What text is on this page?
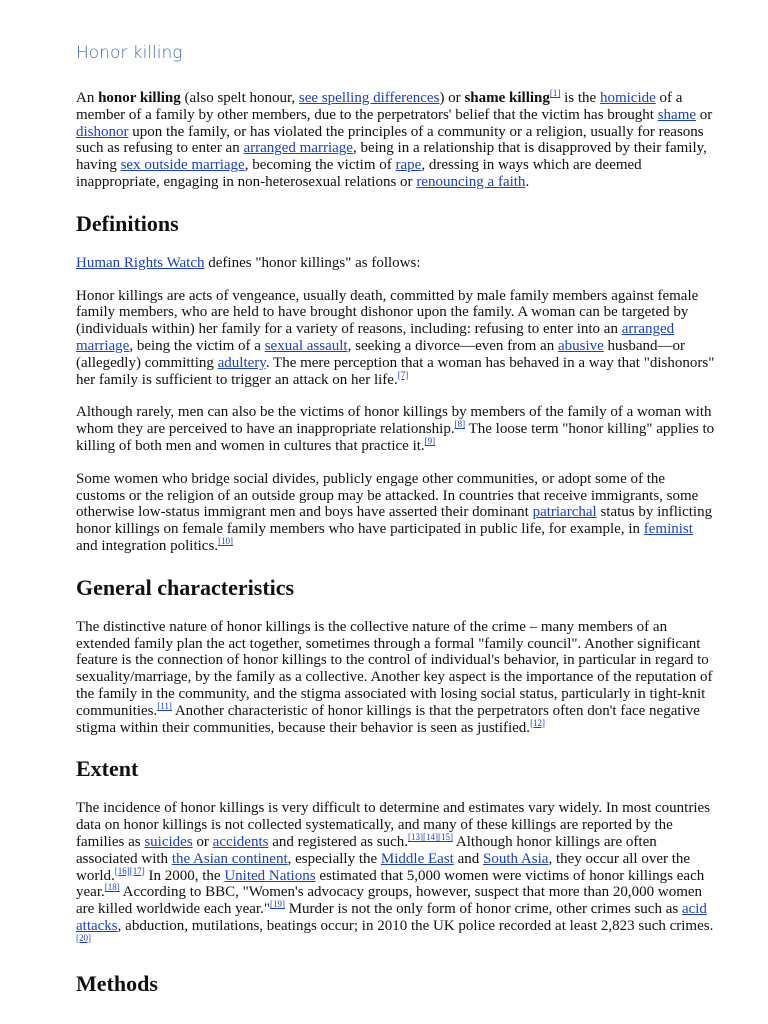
Honor killing

An honor killing (also spelt honour, see spelling differences) or shame killing[1] is the homicide of a member of a family by other members, due to the perpetrators' belief that the victim has brought shame or dishonor upon the family, or has violated the principles of a community or a religion, usually for reasons such as refusing to enter an arranged marriage, being in a relationship that is disapproved by their family, having sex outside marriage, becoming the victim of rape, dressing in ways which are deemed inappropriate, engaging in non-heterosexual relations or renouncing a faith.

Definitions

Human Rights Watch defines "honor killings" as follows:

Honor killings are acts of vengeance, usually death, committed by male family members against female family members, who are held to have brought dishonor upon the family. A woman can be targeted by (individuals within) her family for a variety of reasons, including: refusing to enter into an arranged marriage, being the victim of a sexual assault, seeking a divorce—even from an abusive husband—or (allegedly) committing adultery. The mere perception that a woman has behaved in a way that "dishonors" her family is sufficient to trigger an attack on her life.[7]

Although rarely, men can also be the victims of honor killings by members of the family of a woman with whom they are perceived to have an inappropriate relationship.[8] The loose term "honor killing" applies to killing of both men and women in cultures that practice it.[9]

Some women who bridge social divides, publicly engage other communities, or adopt some of the customs or the religion of an outside group may be attacked. In countries that receive immigrants, some otherwise low-status immigrant men and boys have asserted their dominant patriarchal status by inflicting honor killings on female family members who have participated in public life, for example, in feminist and integration politics.[10]

General characteristics

The distinctive nature of honor killings is the collective nature of the crime – many members of an extended family plan the act together, sometimes through a formal "family council". Another significant feature is the connection of honor killings to the control of individual's behavior, in particular in regard to sexuality/marriage, by the family as a collective. Another key aspect is the importance of the reputation of the family in the community, and the stigma associated with losing social status, particularly in tight-knit communities.[11] Another characteristic of honor killings is that the perpetrators often don't face negative stigma within their communities, because their behavior is seen as justified.[12]

Extent

The incidence of honor killings is very difficult to determine and estimates vary widely. In most countries data on honor killings is not collected systematically, and many of these killings are reported by the families as suicides or accidents and registered as such.[13][14][15] Although honor killings are often associated with the Asian continent, especially the Middle East and South Asia, they occur all over the world.[16][17] In 2000, the United Nations estimated that 5,000 women were victims of honor killings each year.[18] According to BBC, "Women's advocacy groups, however, suspect that more than 20,000 women are killed worldwide each year."[19] Murder is not the only form of honor crime, other crimes such as acid attacks, abduction, mutilations, beatings occur; in 2010 the UK police recorded at least 2,823 such crimes.[20]

Methods
